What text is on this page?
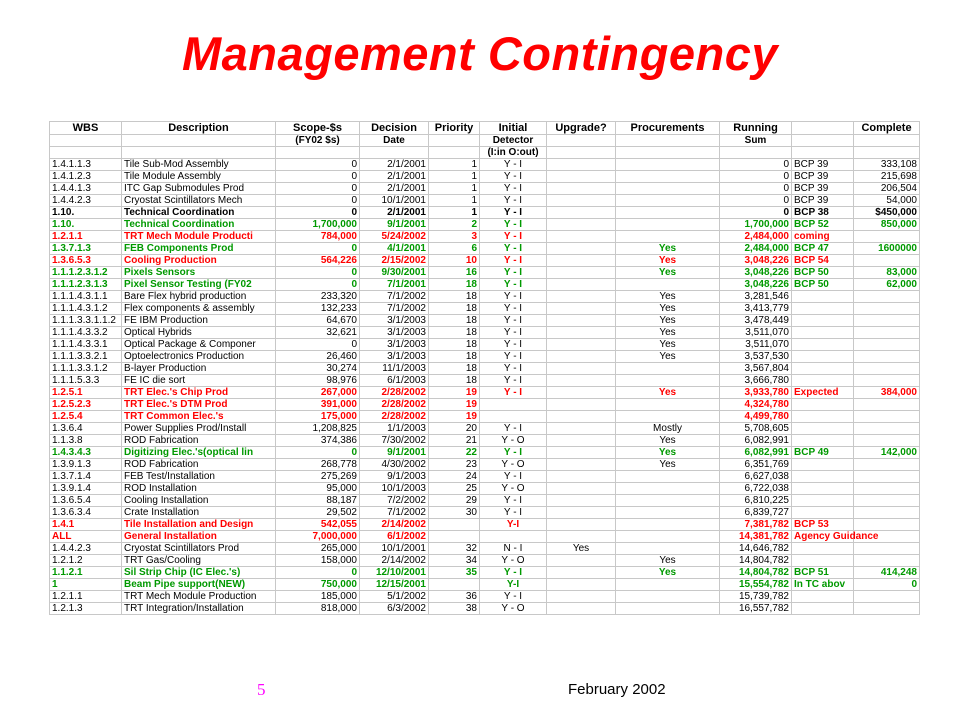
Management Contingency
WBS	Description	Scope-$s	Decision	Priority	Initial	Upgrade?	Procurements	Running		Complete
		(FY02 $s)	Date		Detector			Sum		
					(I:in O:out)					
1.4.1.1.3	Tile Sub-Mod Assembly	0	2/1/2001	1	Y - I			0	BCP 39	333,108
1.4.1.2.3	Tile Module Assembly	0	2/1/2001	1	Y - I			0	BCP 39	215,698
1.4.4.1.3	ITC Gap Submodules Prod	0	2/1/2001	1	Y - I			0	BCP 39	206,504
1.4.4.2.3	Cryostat Scintillators Mech	0	10/1/2001	1	Y - I			0	BCP 39	54,000
1.10.	Technical Coordination	0	2/1/2001	1	Y - I			0	BCP 38	$450,000
1.10.	Technical Coordination	1,700,000	9/1/2001	2	Y - I			1,700,000	BCP 52	850,000
1.2.1.1	TRT Mech Module Producti	784,000	5/24/2002	3	Y - I			2,484,000	coming	
1.3.7.1.3	FEB Components Prod	0	4/1/2001	6	Y - I		Yes	2,484,000	BCP 47	1600000
1.3.6.5.3	Cooling Production	564,226	2/15/2002	10	Y - I		Yes	3,048,226	BCP 54	
1.1.1.2.3.1.2	Pixels Sensors	0	9/30/2001	16	Y - I		Yes	3,048,226	BCP 50	83,000
1.1.1.2.3.1.3	Pixel Sensor Testing (FY02	0	7/1/2001	18	Y - I			3,048,226	BCP 50	62,000
1.1.1.4.3.1.1	Bare Flex hybrid production	233,320	7/1/2002	18	Y - I		Yes	3,281,546		
1.1.1.4.3.1.2	Flex components & assembly	132,233	7/1/2002	18	Y - I		Yes	3,413,779		
1.1.1.3.3.1.1.2	FE IBM Production	64,670	3/1/2003	18	Y - I		Yes	3,478,449		
1.1.1.4.3.3.2	Optical Hybrids	32,621	3/1/2003	18	Y - I		Yes	3,511,070		
1.1.1.4.3.3.1	Optical Package & Componer	0	3/1/2003	18	Y - I		Yes	3,511,070		
1.1.1.3.3.2.1	Optoelectronics Production	26,460	3/1/2003	18	Y - I		Yes	3,537,530		
1.1.1.3.3.1.2	B-layer Production	30,274	11/1/2003	18	Y - I			3,567,804		
1.1.1.5.3.3	FE IC die sort	98,976	6/1/2003	18	Y - I			3,666,780		
1.2.5.1	TRT Elec.'s Chip Prod	267,000	2/28/2002	19	Y - I		Yes	3,933,780	Expected	384,000
1.2.5.2.3	TRT Elec.'s DTM Prod	391,000	2/28/2002	19				4,324,780		
1.2.5.4	TRT Common Elec.'s	175,000	2/28/2002	19				4,499,780		
1.3.6.4	Power Supplies Prod/Install	1,208,825	1/1/2003	20	Y - I		Mostly	5,708,605		
1.1.3.8	ROD Fabrication	374,386	7/30/2002	21	Y - O		Yes	6,082,991		
1.4.3.4.3	Digitizing Elec.'s(optical lin	0	9/1/2001	22	Y - I		Yes	6,082,991	BCP 49	142,000
1.3.9.1.3	ROD Fabrication	268,778	4/30/2002	23	Y - O		Yes	6,351,769		
1.3.7.1.4	FEB Test/Installation	275,269	9/1/2003	24	Y - I			6,627,038		
1.3.9.1.4	ROD Installation	95,000	10/1/2003	25	Y - O			6,722,038		
1.3.6.5.4	Cooling Installation	88,187	7/2/2002	29	Y - I			6,810,225		
1.3.6.3.4	Crate Installation	29,502	7/1/2002	30	Y - I			6,839,727		
1.4.1	Tile Installation and Design	542,055	2/14/2002		Y-I			7,381,782	BCP 53	
ALL	General Installation	7,000,000	6/1/2002					14,381,782	Agency Guidance	
1.4.4.2.3	Cryostat Scintillators Prod	265,000	10/1/2001	32	N - I	Yes		14,646,782		
1.2.1.2	TRT Gas/Cooling	158,000	2/14/2002	34	Y - O		Yes	14,804,782		
1.1.2.1	Sil Strip Chip (IC Elec.'s)	0	12/10/2001	35	Y - I		Yes	14,804,782	BCP 51	414,248
1	Beam Pipe support(NEW)	750,000	12/15/2001		Y-I			15,554,782	In TC abov	0
1.2.1.1	TRT Mech Module Production	185,000	5/1/2002	36	Y - I			15,739,782		
1.2.1.3	TRT Integration/Installation	818,000	6/3/2002	38	Y - O			16,557,782		
5	February 2002
